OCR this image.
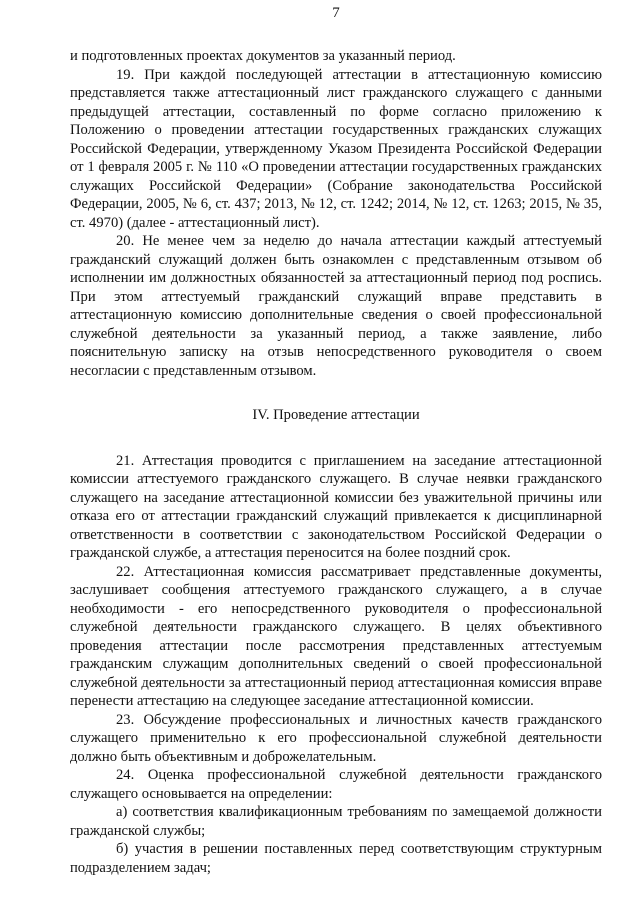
7

и подготовленных проектах документов за указанный период.

19. При каждой последующей аттестации в аттестационную комиссию представляется также аттестационный лист гражданского служащего с данными предыдущей аттестации, составленный по форме согласно приложению к Положению о проведении аттестации государственных гражданских служащих Российской Федерации, утвержденному Указом Президента Российской Федерации от 1 февраля 2005 г. № 110 «О проведении аттестации государственных гражданских служащих Российской Федерации» (Собрание законодательства Российской Федерации, 2005, № 6, ст. 437; 2013, № 12, ст. 1242; 2014, № 12, ст. 1263; 2015, № 35, ст. 4970) (далее - аттестационный лист).

20. Не менее чем за неделю до начала аттестации каждый аттестуемый гражданский служащий должен быть ознакомлен с представленным отзывом об исполнении им должностных обязанностей за аттестационный период под роспись. При этом аттестуемый гражданский служащий вправе представить в аттестационную комиссию дополнительные сведения о своей профессиональной служебной деятельности за указанный период, а также заявление, либо пояснительную записку на отзыв непосредственного руководителя о своем несогласии с представленным отзывом.

IV. Проведение аттестации

21. Аттестация проводится с приглашением на заседание аттестационной комиссии аттестуемого гражданского служащего. В случае неявки гражданского служащего на заседание аттестационной комиссии без уважительной причины или отказа его от аттестации гражданский служащий привлекается к дисциплинарной ответственности в соответствии с законодательством Российской Федерации о гражданской службе, а аттестация переносится на более поздний срок.

22. Аттестационная комиссия рассматривает представленные документы, заслушивает сообщения аттестуемого гражданского служащего, а в случае необходимости - его непосредственного руководителя о профессиональной служебной деятельности гражданского служащего. В целях объективного проведения аттестации после рассмотрения представленных аттестуемым гражданским служащим дополнительных сведений о своей профессиональной служебной деятельности за аттестационный период аттестационная комиссия вправе перенести аттестацию на следующее заседание аттестационной комиссии.

23. Обсуждение профессиональных и личностных качеств гражданского служащего применительно к его профессиональной служебной деятельности должно быть объективным и доброжелательным.

24. Оценка профессиональной служебной деятельности гражданского служащего основывается на определении:

а) соответствия квалификационным требованиям по замещаемой должности гражданской службы;

б) участия в решении поставленных перед соответствующим структурным подразделением задач;
